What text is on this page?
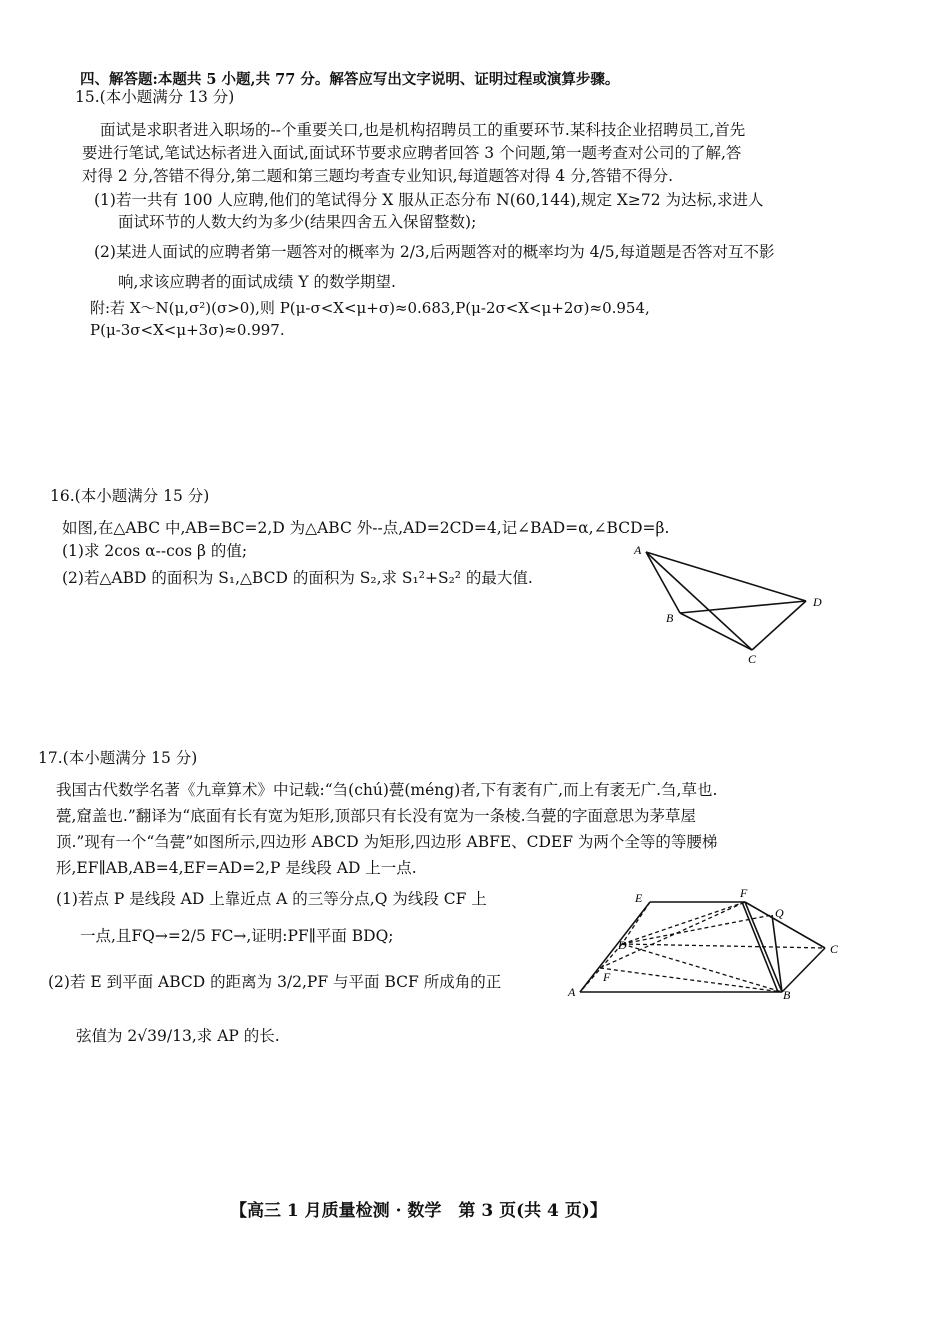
四、解答题:本题共 5 小题,共 77 分。解答应写出文字说明、证明过程或演算步骤。
15.(本小题满分 13 分)
面试是求职者进入职场的--个重要关口,也是机构招聘员工的重要环节.某科技企业招聘员工,首先
要进行笔试,笔试达标者进入面试,面试环节要求应聘者回答 3 个问题,第一题考查对公司的了解,答
对得 2 分,答错不得分,第二题和第三题均考查专业知识,每道题答对得 4 分,答错不得分.
(1)若一共有 100 人应聘,他们的笔试得分 X 服从正态分布 N(60,144),规定 X≥72 为达标,求进人
面试环节的人数大约为多少(结果四舍五入保留整数);
(2)某进人面试的应聘者第一题答对的概率为 2/3,后两题答对的概率均为 4/5,每道题是否答对互不影
响,求该应聘者的面试成绩 Y 的数学期望.
附:若 X～N(μ,σ²)(σ>0),则 P(μ-σ<X<μ+σ)≈0.683,P(μ-2σ<X<μ+2σ)≈0.954,
P(μ-3σ<X<μ+3σ)≈0.997.
16.(本小题满分 15 分)
如图,在△ABC 中,AB=BC=2,D 为△ABC 外--点,AD=2CD=4,记∠BAD=α,∠BCD=β.
(1)求 2cos α--cos β 的值;
(2)若△ABD 的面积为 S₁,△BCD 的面积为 S₂,求 S₁²+S₂² 的最大值.
A
B
C
D
17.(本小题满分 15 分)
我国古代数学名著《九章算术》中记载:“刍(chú)甍(méng)者,下有袤有广,而上有袤无广.刍,草也.
甍,窟盖也.”翻译为“底面有长有宽为矩形,顶部只有长没有宽为一条棱.刍甍的字面意思为茅草屋
顶.”现有一个“刍甍”如图所示,四边形 ABCD 为矩形,四边形 ABFE、CDEF 为两个全等的等腰梯
形,EF∥AB,AB=4,EF=AD=2,P 是线段 AD 上一点.
(1)若点 P 是线段 AD 上靠近点 A 的三等分点,Q 为线段 CF 上
一点,且FQ→=2/5 FC→,证明:PF∥平面 BDQ;
(2)若 E 到平面 ABCD 的距离为 3/2,PF 与平面 BCF 所成角的正
弦值为 2√39/13,求 AP 的长.
E	F
Q
D	C
F
A	B
【高三 1 月质量检测 · 数学　第 3 页(共 4 页)】
